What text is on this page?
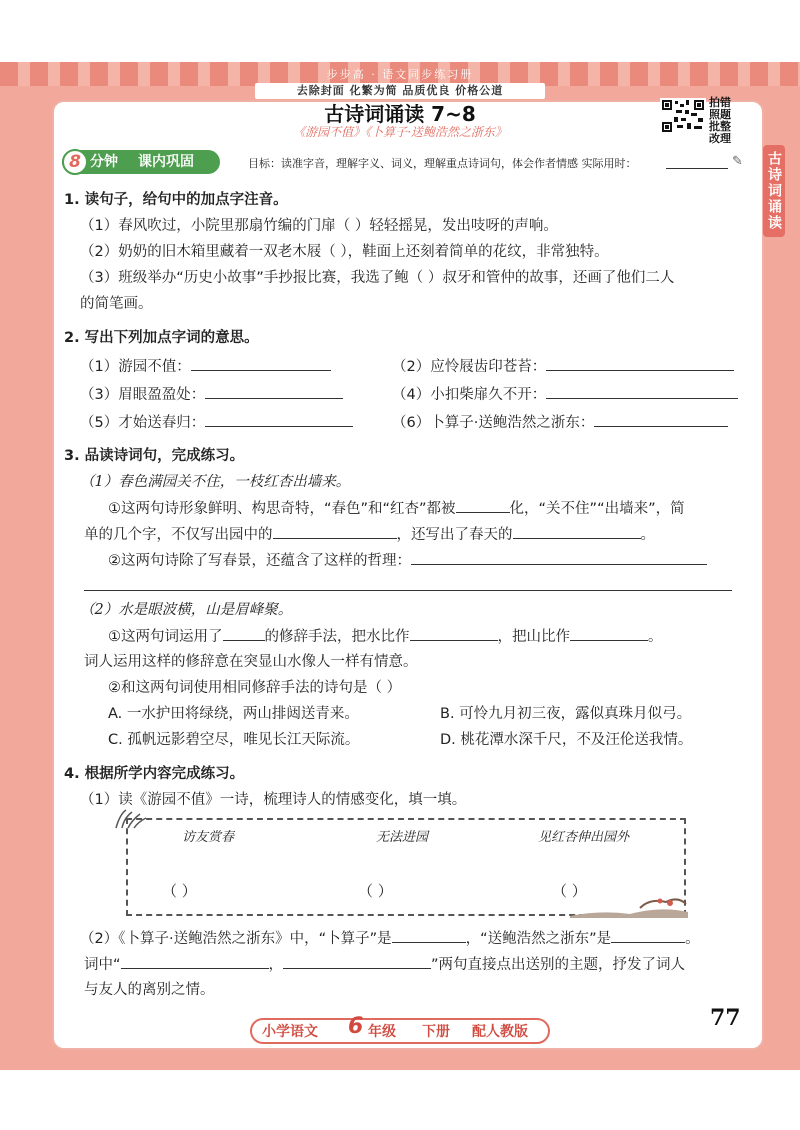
步步高 · 语文同步练习册
去除封面 化繁为简 品质优良 价格公道
古诗词诵读
古诗词诵读 7~8
《游园不值》《卜算子·送鲍浩然之浙东》
拍错
照题
批整
改理
8 分钟 课内巩固	目标：读准字音，理解字义、词义，理解重点诗词句，体会作者情感 实际用时：	✎
1. 读句子，给句中的加点字注音。
（1）春风吹过，小院里那扇竹编的门扉（ ）轻轻摇晃，发出吱呀的声响。
（2）奶奶的旧木箱里藏着一双老木屐（ ），鞋面上还刻着简单的花纹，非常独特。
（3）班级举办“历史小故事”手抄报比赛，我选了鲍（ ）叔牙和管仲的故事，还画了他们二人
的简笔画。
2. 写出下列加点字词的意思。
（1）游园不值：	（2）应怜屐齿印苍苔：
（3）眉眼盈盈处：	（4）小扣柴扉久不开：
（5）才始送春归：	（6）卜算子·送鲍浩然之浙东：
3. 品读诗词句，完成练习。
（1）春色满园关不住，一枝红杏出墙来。
①这两句诗形象鲜明、构思奇特，“春色”和“红杏”都被	化，“关不住”“出墙来”，简
单的几个字，不仅写出园中的	，还写出了春天的	。
②这两句诗除了写春景，还蕴含了这样的哲理：
（2）水是眼波横，山是眉峰聚。
①这两句词运用了	的修辞手法，把水比作	，把山比作	。
词人运用这样的修辞意在突显山水像人一样有情意。
②和这两句词使用相同修辞手法的诗句是（ ）
A. 一水护田将绿绕，两山排闼送青来。	B. 可怜九月初三夜，露似真珠月似弓。
C. 孤帆远影碧空尽，唯见长江天际流。	D. 桃花潭水深千尺，不及汪伦送我情。
4. 根据所学内容完成练习。
（1）读《游园不值》一诗，梳理诗人的情感变化，填一填。
访友赏春	无法进园	见红杏伸出园外
（ ）	（ ）	（ ）
（2）《卜算子·送鲍浩然之浙东》中，“卜算子”是	，“送鲍浩然之浙东”是	。
词中“	，	”两句直接点出送别的主题，抒发了词人
与友人的离别之情。
77
小学语文 6 年级 下册 配人教版
